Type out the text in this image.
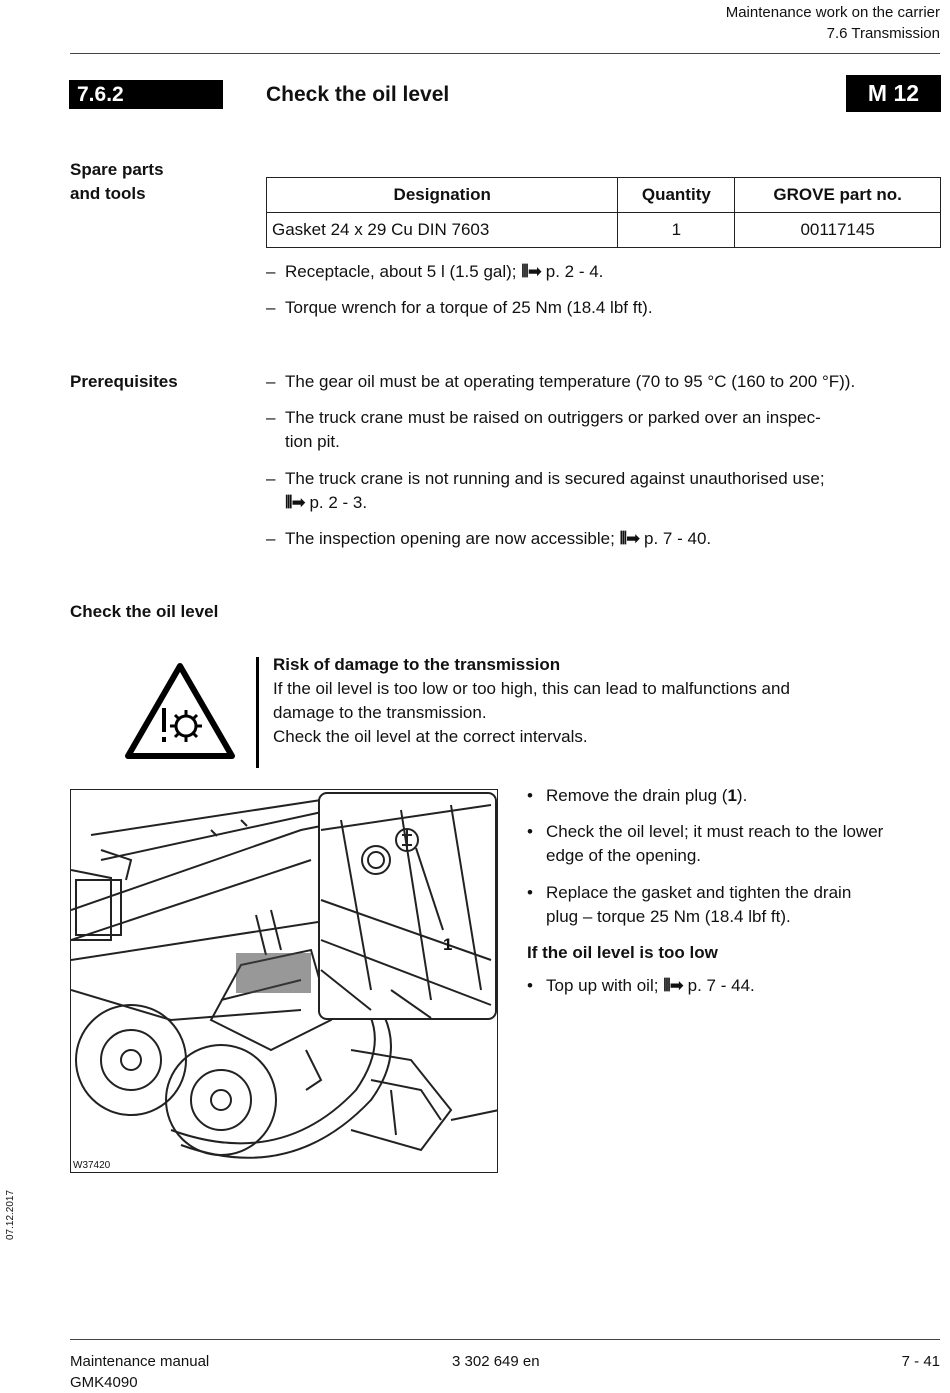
Maintenance work on the carrier
7.6 Transmission
7.6.2	Check the oil level	M 12
Spare parts
and tools	Designation	Quantity	GROVE part no.
Gasket 24 x 29 Cu DIN 7603	1	00117145
– Receptacle, about 5 l (1.5 gal); ⦀➡ p. 2 - 4.
– Torque wrench for a torque of 25 Nm (18.4 lbf ft).
Prerequisites	– The gear oil must be at operating temperature (70 to 95 °C (160 to 200 °F)).
– The truck crane must be raised on outriggers or parked over an inspec-
tion pit.
– The truck crane is not running and is secured against unauthorised use;
⦀➡ p. 2 - 3.
– The inspection opening are now accessible; ⦀➡ p. 7 - 40.
Check the oil level
Risk of damage to the transmission
If the oil level is too low or too high, this can lead to malfunctions and
damage to the transmission.
Check the oil level at the correct intervals.
1
W37420
• Remove the drain plug (1).
• Check the oil level; it must reach to the lower
edge of the opening.
• Replace the gasket and tighten the drain
plug – torque 25 Nm (18.4 lbf ft).
If the oil level is too low
• Top up with oil; ⦀➡ p. 7 - 44.
07.12.2017
Maintenance manual
GMK4090
3 302 649 en	7 - 41
